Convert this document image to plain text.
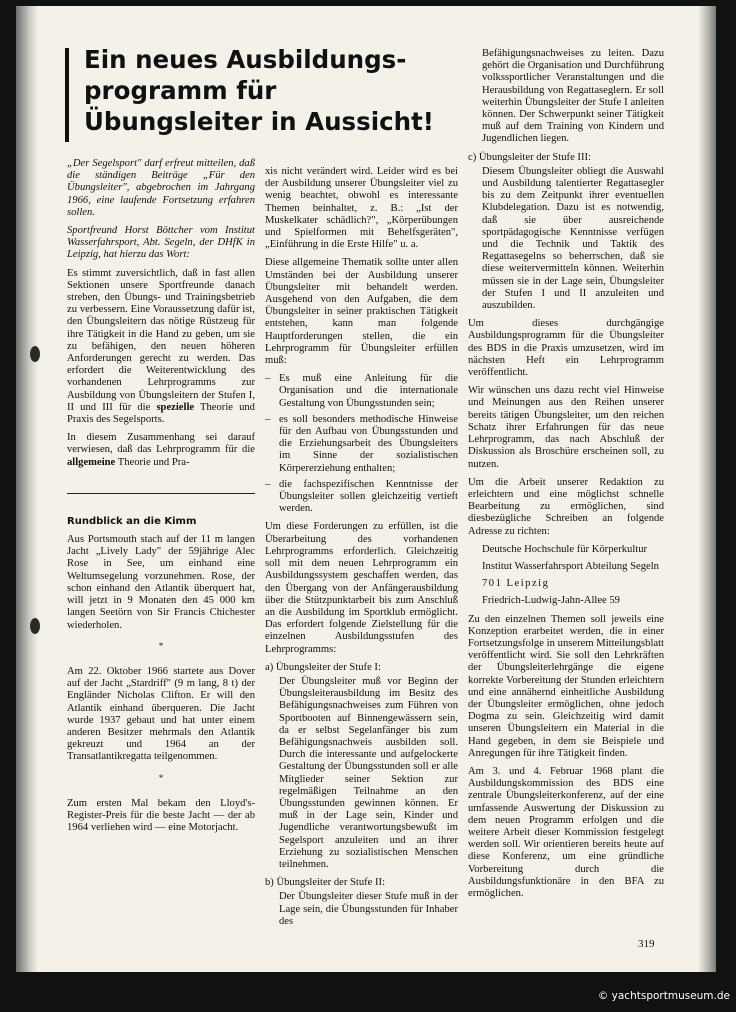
Ein neues Ausbildungs-programm für Übungsleiter in Aussicht!

„Der Segelsport" darf erfreut mitteilen, daß die ständigen Beiträge „Für den Übungsleiter", abgebrochen im Jahrgang 1966, eine laufende Fortsetzung erfahren sollen.

Sportfreund Horst Böttcher vom Institut Wasserfahrsport, Abt. Segeln, der DHfK in Leipzig, hat hierzu das Wort:

Es stimmt zuversichtlich, daß in fast allen Sektionen unsere Sportfreunde danach streben, den Übungs- und Trainingsbetrieb zu verbessern. Eine Voraussetzung dafür ist, den Übungsleitern das nötige Rüstzeug für ihre Tätigkeit in die Hand zu geben, um sie zu befähigen, den neuen höheren Anforderungen gerecht zu werden. Das erfordert die Weiterentwicklung des vorhandenen Lehrprogramms zur Ausbildung von Übungsleitern der Stufen I, II und III für die spezielle Theorie und Praxis des Segelsports.

In diesem Zusammenhang sei darauf verwiesen, daß das Lehrprogramm für die allgemeine Theorie und Pra-

Rundblick an die Kimm

Aus Portsmouth stach auf der 11 m langen Jacht „Lively Lady" der 59jährige Alec Rose in See, um einhand eine Weltumsegelung vorzunehmen. Rose, der schon einhand den Atlantik überquert hat, will jetzt in 9 Monaten den 45 000 km langen Seetörn von Sir Francis Chichester wiederholen.

*

Am 22. Oktober 1966 startete aus Dover auf der Jacht „Stardriff" (9 m lang, 8 t) der Engländer Nicholas Clifton. Er will den Atlantik einhand überqueren. Die Jacht wurde 1937 gebaut und hat unter einem anderen Besitzer mehrmals den Atlantik gekreuzt und 1964 an der Transatlantikregatta teilgenommen.

*

Zum ersten Mal bekam den Lloyd's-Register-Preis für die beste Jacht — der ab 1964 verliehen wird — eine Motorjacht.

xis nicht verändert wird. Leider wird es bei der Ausbildung unserer Übungsleiter viel zu wenig beachtet, obwohl es interessante Themen beinhaltet, z. B.: „Ist der Muskelkater schädlich?", „Körperübungen und Spielformen mit Behelfsgeräten", „Einführung in die Erste Hilfe" u. a.

Diese allgemeine Thematik sollte unter allen Umständen bei der Ausbildung unserer Übungsleiter mit behandelt werden. Ausgehend von den Aufgaben, die dem Übungsleiter in seiner praktischen Tätigkeit entstehen, kann man folgende Hauptforderungen stellen, die ein Lehrprogramm für Übungsleiter erfüllen muß:

– Es muß eine Anleitung für die Organisation und die internationale Gestaltung von Übungsstunden sein;
– es soll besonders methodische Hinweise für den Aufbau von Übungsstunden und die Erziehungsarbeit des Übungsleiters im Sinne der sozialistischen Körpererziehung enthalten;
– die fachspezifischen Kenntnisse der Übungsleiter sollen gleichzeitig vertieft werden.

Um diese Forderungen zu erfüllen, ist die Überarbeitung des vorhandenen Lehrprogramms erforderlich. Gleichzeitig soll mit dem neuen Lehrprogramm ein Ausbildungssystem geschaffen werden, das den Übergang von der Anfängerausbildung über die Stützpunktarbeit bis zum Anschluß an die Ausbildung im Sportklub ermöglicht. Das erfordert folgende Zielstellung für die einzelnen Ausbildungsstufen des Lehrprogramms:

a) Übungsleiter der Stufe I:

Der Übungsleiter muß vor Beginn der Übungsleiterausbildung im Besitz des Befähigungsnachweises zum Führen von Sportbooten auf Binnengewässern sein, da er selbst Segelanfänger bis zum Befähigungsnachweis ausbilden soll. Durch die interessante und aufgelockerte Gestaltung der Übungsstunden soll er alle Mitglieder seiner Sektion zur regelmäßigen Teilnahme an den Übungsstunden gewinnen können. Er muß in der Lage sein, Kinder und Jugendliche verantwortungsbewußt im Segelsport anzuleiten und an ihrer Erziehung zu sozialistischen Menschen teilnehmen.

b) Übungsleiter der Stufe II:

Der Übungsleiter dieser Stufe muß in der Lage sein, die Übungsstunden für Inhaber des

Befähigungsnachweises zu leiten. Dazu gehört die Organisation und Durchführung volkssportlicher Veranstaltungen und die Herausbildung von Regattaseglern. Er soll weiterhin Übungsleiter der Stufe I anleiten können. Der Schwerpunkt seiner Tätigkeit muß auf dem Training von Kindern und Jugendlichen liegen.

c) Übungsleiter der Stufe III:

Diesem Übungsleiter obliegt die Auswahl und Ausbildung talentierter Regattasegler bis zu dem Zeitpunkt ihrer eventuellen Klubdelegation. Dazu ist es notwendig, daß sie über ausreichende sportpädagogische Kenntnisse verfügen und die Technik und Taktik des Regattasegelns so beherrschen, daß sie diese weitervermitteln können. Weiterhin müssen sie in der Lage sein, Übungsleiter der Stufen I und II anzuleiten und auszubilden.

Um dieses durchgängige Ausbildungsprogramm für die Übungsleiter des BDS in die Praxis umzusetzen, wird im nächsten Heft ein Lehrprogramm veröffentlicht.

Wir wünschen uns dazu recht viel Hinweise und Meinungen aus den Reihen unserer bereits tätigen Übungsleiter, um den reichen Schatz ihrer Erfahrungen für das neue Lehrprogramm, das nach Abschluß der Diskussion als Broschüre erscheinen soll, zu nutzen.

Um die Arbeit unserer Redaktion zu erleichtern und eine möglichst schnelle Bearbeitung zu ermöglichen, sind diesbezügliche Schreiben an folgende Adresse zu richten:

Deutsche Hochschule für Körperkultur
Institut Wasserfahrsport Abteilung Segeln
701 Leipzig
Friedrich-Ludwig-Jahn-Allee 59

Zu den einzelnen Themen soll jeweils eine Konzeption erarbeitet werden, die in einer Fortsetzungsfolge in unserem Mitteilungsblatt veröffentlicht wird. Sie soll den Lehrkräften der Übungsleiterlehrgänge die eigene korrekte Vorbereitung der Stunden erleichtern und eine annähernd einheitliche Ausbildung der Übungsleiter ermöglichen, ohne jedoch Dogma zu sein. Gleichzeitig wird damit unseren Übungsleitern ein Material in die Hand gegeben, in dem sie Beispiele und Anregungen für ihre Tätigkeit finden.

Am 3. und 4. Februar 1968 plant die Ausbildungskommission des BDS eine zentrale Übungsleiterkonferenz, auf der eine umfassende Auswertung der Diskussion zu dem neuen Programm erfolgen und die weitere Arbeit dieser Kommission festgelegt werden soll. Wir orientieren bereits heute auf diese Konferenz, um eine gründliche Vorbereitung durch die Ausbildungsfunktionäre in den BFA zu ermöglichen.

319
© yachtsportmuseum.de
